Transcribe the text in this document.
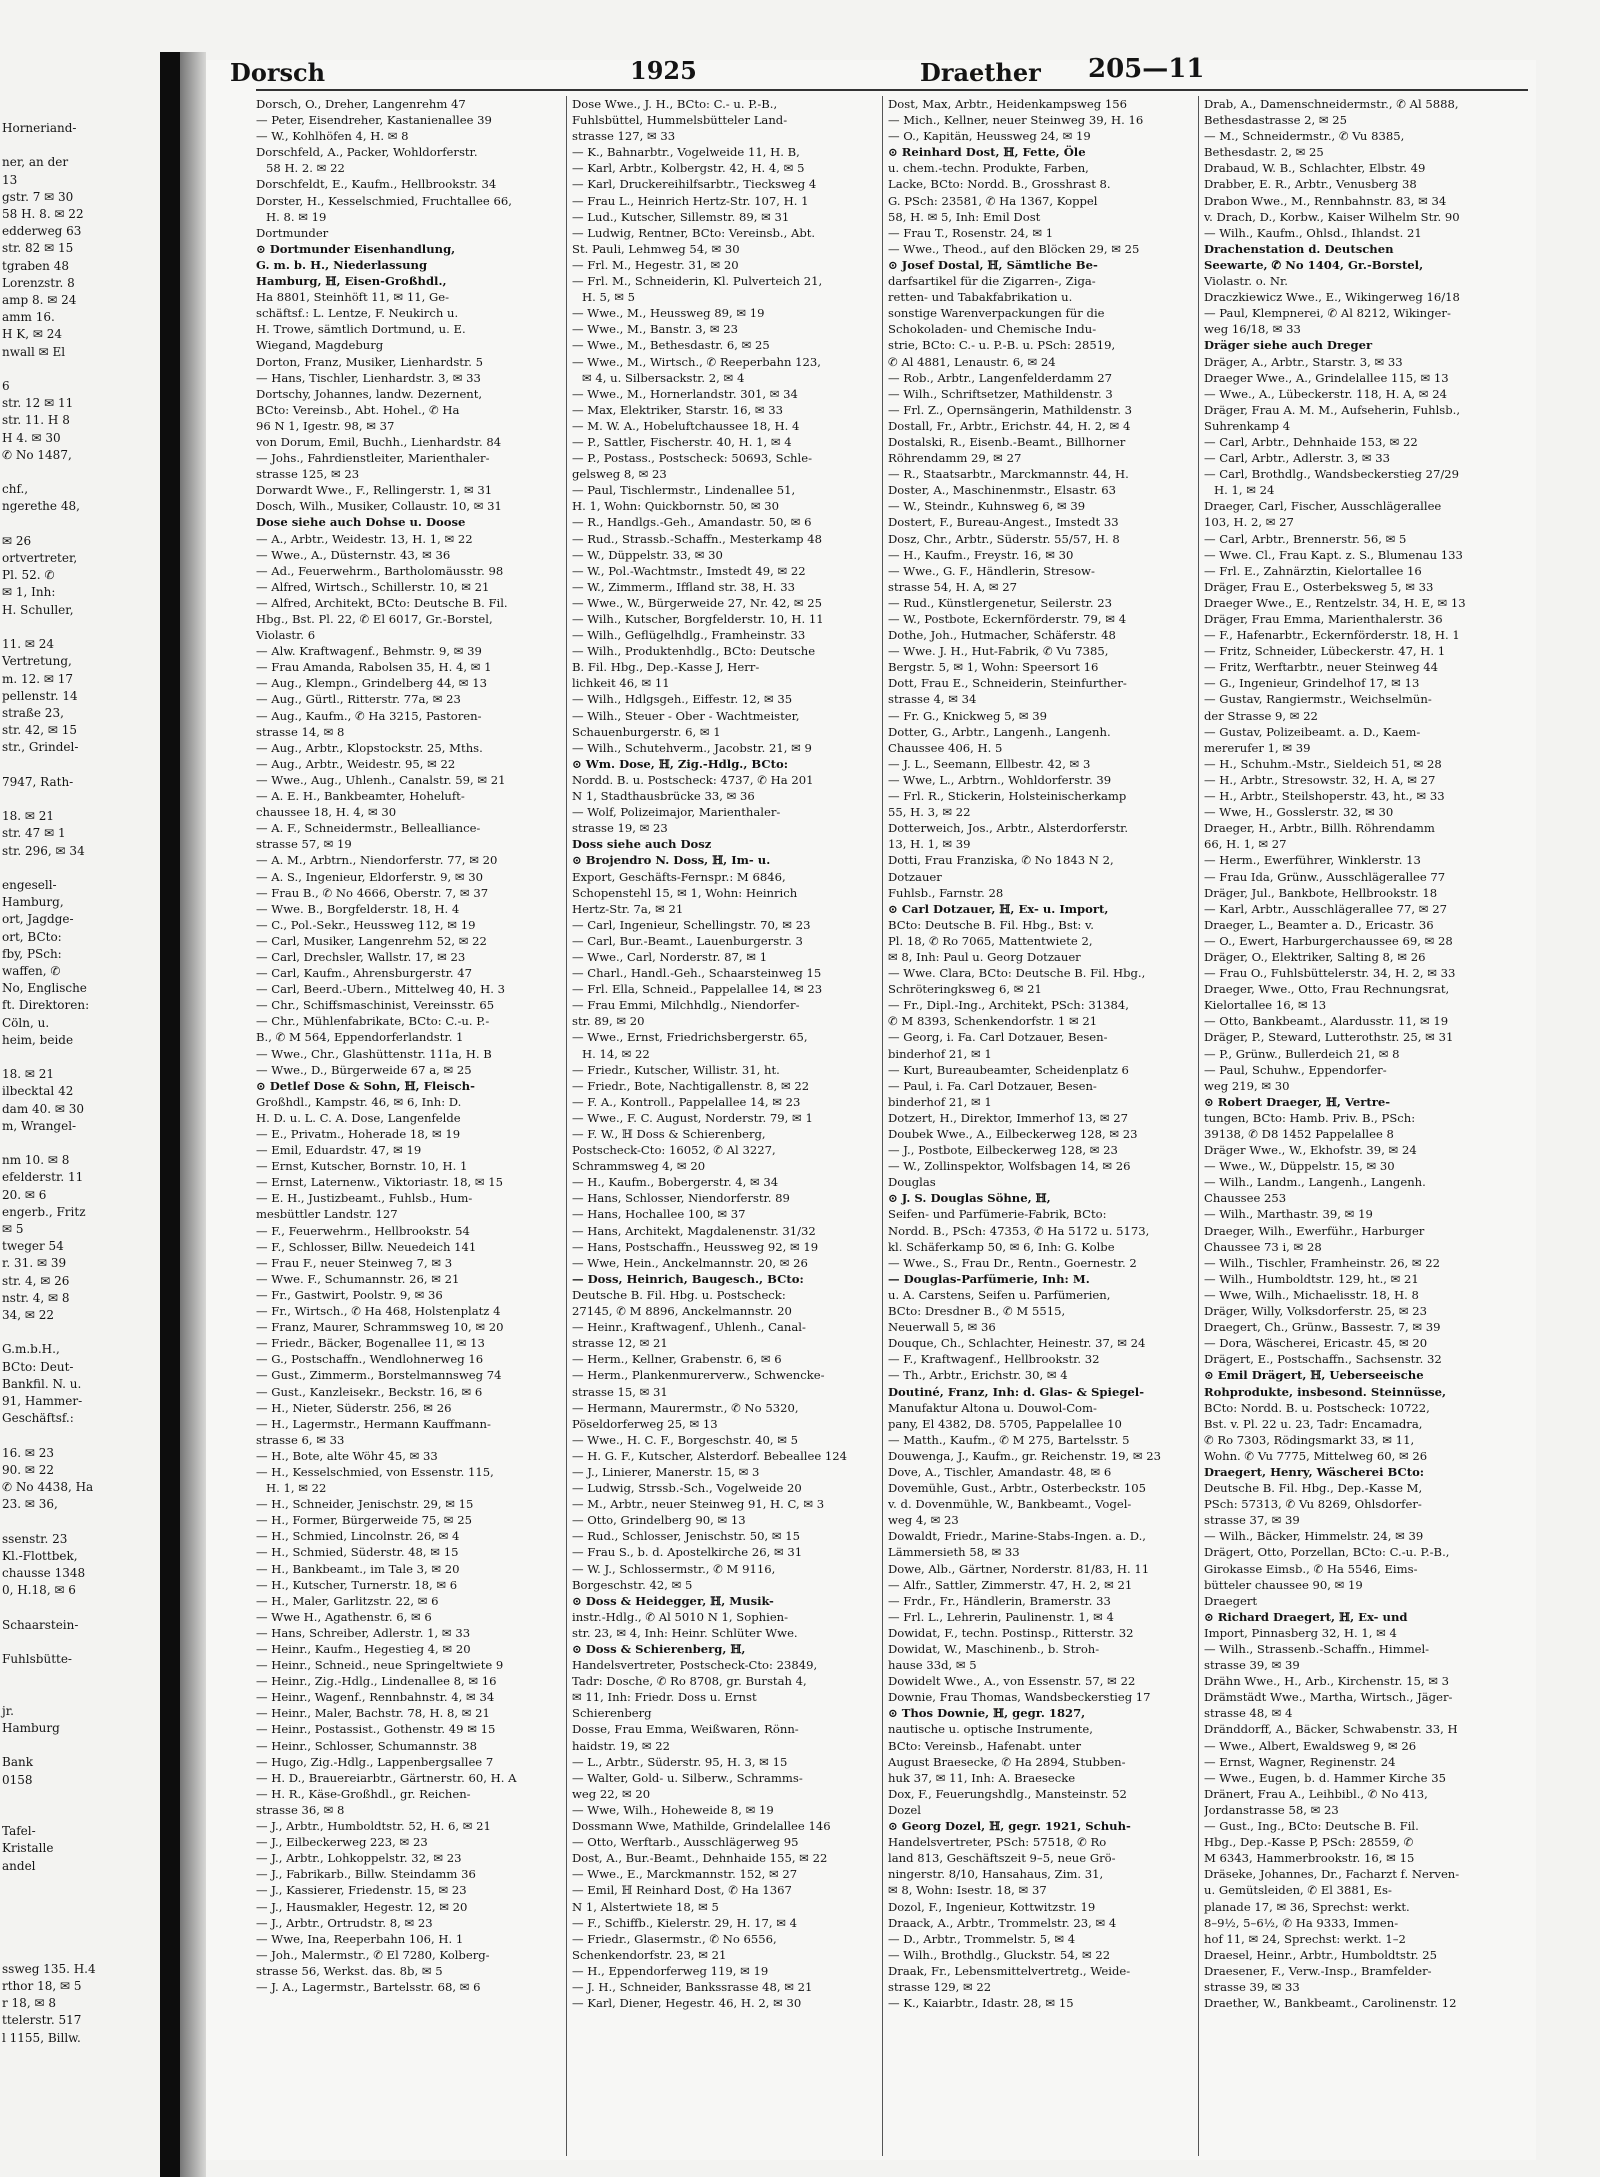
Horneriand-

ner, an der
13
gstr. 7 ✉ 30
58 H. 8. ✉ 22
edderweg 63
str. 82 ✉ 15
tgraben 48
Lorenzstr. 8
amp 8. ✉ 24
amm 16.
H K, ✉ 24
nwall ✉ El

6
str. 12 ✉ 11
str. 11. H 8
H 4. ✉ 30
✆ No 1487,

chf.,
ngerethe 48,

✉ 26
ortvertreter,
Pl. 52. ✆
✉ 1, Inh:
H. Schuller,

11. ✉ 24
Vertretung,
m. 12. ✉ 17
pellenstr. 14
straße 23,
str. 42, ✉ 15
str., Grindel-

7947, Rath-

18. ✉ 21
str. 47 ✉ 1
str. 296, ✉ 34

engesell-
Hamburg,
ort, Jagdge-
ort, BCto:
fby, PSch:
waffen, ✆
No, Englische
ft. Direktoren:
Cöln, u.
heim, beide

18. ✉ 21
ilbecktal 42
dam 40. ✉ 30
m, Wrangel-

nm 10. ✉ 8
efelderstr. 11
20. ✉ 6
engerb., Fritz
✉ 5
tweger 54
r. 31. ✉ 39
str. 4, ✉ 26
nstr. 4, ✉ 8
34, ✉ 22

G.m.b.H.,
BCto: Deut-
Bankfil. N. u.
91, Hammer-
Geschäftsf.:

16. ✉ 23
90. ✉ 22
✆ No 4438, Ha
23. ✉ 36,

ssenstr. 23
Kl.-Flottbek,
chausse 1348
0, H.18, ✉ 6

Schaarstein-

Fuhlsbütte-

jr.
Hamburg

Bank
0158

Tafel-
Kristalle
andel

ssweg 135. H.4
rthor 18, ✉ 5
r 18, ✉ 8
ttelerstr. 517
l 1155, Billw.
Dorsch	1925	Draether 205—11
Dorsch, O., Dreher, Langenrehm 47
— Peter, Eisendreher, Kastanienallee 39
— W., Kohlhöfen 4, H. ✉ 8
Dorschfeld, A., Packer, Wohldorferstr.
58 H. 2. ✉ 22
Dorschfeldt, E., Kaufm., Hellbrookstr. 34
Dorster, H., Kesselschmied, Fruchtallee 66,
H. 8. ✉ 19
Dortmunder
⊙ Dortmunder Eisenhandlung,
G. m. b. H., Niederlassung
Hamburg, ℍ, Eisen-Großhdl.,
Ha 8801, Steinhöft 11, ✉ 11, Ge-
schäftsf.: L. Lentze, F. Neukirch u.
H. Trowe, sämtlich Dortmund, u. E.
Wiegand, Magdeburg
Dorton, Franz, Musiker, Lienhardstr. 5
— Hans, Tischler, Lienhardstr. 3, ✉ 33
Dortschy, Johannes, landw. Dezernent,
BCto: Vereinsb., Abt. Hohel., ✆ Ha
96 N 1, Igestr. 98, ✉ 37
von Dorum, Emil, Buchh., Lienhardstr. 84
— Johs., Fahrdienstleiter, Marienthaler-
strasse 125, ✉ 23
Dorwardt Wwe., F., Rellingerstr. 1, ✉ 31
Dosch, Wilh., Musiker, Collaustr. 10, ✉ 31
Dose siehe auch Dohse u. Doose
— A., Arbtr., Weidestr. 13, H. 1, ✉ 22
— Wwe., A., Düsternstr. 43, ✉ 36
— Ad., Feuerwehrm., Bartholomäusstr. 98
— Alfred, Wirtsch., Schillerstr. 10, ✉ 21
— Alfred, Architekt, BCto: Deutsche B. Fil.
Hbg., Bst. Pl. 22, ✆ El 6017, Gr.-Borstel,
Violastr. 6
— Alw. Kraftwagenf., Behmstr. 9, ✉ 39
— Frau Amanda, Rabolsen 35, H. 4, ✉ 1
— Aug., Klempn., Grindelberg 44, ✉ 13
— Aug., Gürtl., Ritterstr. 77a, ✉ 23
— Aug., Kaufm., ✆ Ha 3215, Pastoren-
strasse 14, ✉ 8
— Aug., Arbtr., Klopstockstr. 25, Mths.
— Aug., Arbtr., Weidestr. 95, ✉ 22
— Wwe., Aug., Uhlenh., Canalstr. 59, ✉ 21
— A. E. H., Bankbeamter, Hoheluft-
chaussee 18, H. 4, ✉ 30
— A. F., Schneidermstr., Bellealliance-
strasse 57, ✉ 19
— A. M., Arbtrn., Niendorferstr. 77, ✉ 20
— A. S., Ingenieur, Eldorferstr. 9, ✉ 30
— Frau B., ✆ No 4666, Oberstr. 7, ✉ 37
— Wwe. B., Borgfelderstr. 18, H. 4
— C., Pol.-Sekr., Heussweg 112, ✉ 19
— Carl, Musiker, Langenrehm 52, ✉ 22
— Carl, Drechsler, Wallstr. 17, ✉ 23
— Carl, Kaufm., Ahrensburgerstr. 47
— Carl, Beerd.-Ubern., Mittelweg 40, H. 3
— Chr., Schiffsmaschinist, Vereinsstr. 65
— Chr., Mühlenfabrikate, BCto: C.-u. P.-
B., ✆ M 564, Eppendorferlandstr. 1
— Wwe., Chr., Glashüttenstr. 111a, H. B
— Wwe., D., Bürgerweide 67 a, ✉ 25
⊙ Detlef Dose & Sohn, ℍ, Fleisch-
Großhdl., Kampstr. 46, ✉ 6, Inh: D.
H. D. u. L. C. A. Dose, Langenfelde
— E., Privatm., Hoherade 18, ✉ 19
— Emil, Eduardstr. 47, ✉ 19
— Ernst, Kutscher, Bornstr. 10, H. 1
— Ernst, Laternenw., Viktoriastr. 18, ✉ 15
— E. H., Justizbeamt., Fuhlsb., Hum-
mesbüttler Landstr. 127
— F., Feuerwehrm., Hellbrookstr. 54
— F., Schlosser, Billw. Neuedeich 141
— Frau F., neuer Steinweg 7, ✉ 3
— Wwe. F., Schumannstr. 26, ✉ 21
— Fr., Gastwirt, Poolstr. 9, ✉ 36
— Fr., Wirtsch., ✆ Ha 468, Holstenplatz 4
— Franz, Maurer, Schrammsweg 10, ✉ 20
— Friedr., Bäcker, Bogenallee 11, ✉ 13
— G., Postschaffn., Wendlohnerweg 16
— Gust., Zimmerm., Borstelmannsweg 74
— Gust., Kanzleisekr., Beckstr. 16, ✉ 6
— H., Nieter, Süderstr. 256, ✉ 26
— H., Lagermstr., Hermann Kauffmann-
strasse 6, ✉ 33
— H., Bote, alte Wöhr 45, ✉ 33
— H., Kesselschmied, von Essenstr. 115,
H. 1, ✉ 22
— H., Schneider, Jenischstr. 29, ✉ 15
— H., Former, Bürgerweide 75, ✉ 25
— H., Schmied, Lincolnstr. 26, ✉ 4
— H., Schmied, Süderstr. 48, ✉ 15
— H., Bankbeamt., im Tale 3, ✉ 20
— H., Kutscher, Turnerstr. 18, ✉ 6
— H., Maler, Garlitzstr. 22, ✉ 6
— Wwe H., Agathenstr. 6, ✉ 6
— Hans, Schreiber, Adlerstr. 1, ✉ 33
— Heinr., Kaufm., Hegestieg 4, ✉ 20
— Heinr., Schneid., neue Springeltwiete 9
— Heinr., Zig.-Hdlg., Lindenallee 8, ✉ 16
— Heinr., Wagenf., Rennbahnstr. 4, ✉ 34
— Heinr., Maler, Bachstr. 78, H. 8, ✉ 21
— Heinr., Postassist., Gothenstr. 49 ✉ 15
— Heinr., Schlosser, Schumannstr. 38
— Hugo, Zig.-Hdlg., Lappenbergsallee 7
— H. D., Brauereiarbtr., Gärtnerstr. 60, H. A
— H. R., Käse-Großhdl., gr. Reichen-
strasse 36, ✉ 8
— J., Arbtr., Humboldtstr. 52, H. 6, ✉ 21
— J., Eilbeckerweg 223, ✉ 23
— J., Arbtr., Lohkoppelstr. 32, ✉ 23
— J., Fabrikarb., Billw. Steindamm 36
— J., Kassierer, Friedenstr. 15, ✉ 23
— J., Hausmakler, Hegestr. 12, ✉ 20
— J., Arbtr., Ortrudstr. 8, ✉ 23
— Wwe, Ina, Reeperbahn 106, H. 1
— Joh., Malermstr., ✆ El 7280, Kolberg-
strasse 56, Werkst. das. 8b, ✉ 5
— J. A., Lagermstr., Bartelsstr. 68, ✉ 6
Dose Wwe., J. H., BCto: C.- u. P.-B.,
Fuhlsbüttel, Hummelsbütteler Land-
strasse 127, ✉ 33
— K., Bahnarbtr., Vogelweide 11, H. B,
— Karl, Arbtr., Kolbergstr. 42, H. 4, ✉ 5
— Karl, Druckereihilfsarbtr., Tiecksweg 4
— Frau L., Heinrich Hertz-Str. 107, H. 1
— Lud., Kutscher, Sillemstr. 89, ✉ 31
— Ludwig, Rentner, BCto: Vereinsb., Abt.
St. Pauli, Lehmweg 54, ✉ 30
— Frl. M., Hegestr. 31, ✉ 20
— Frl. M., Schneiderin, Kl. Pulverteich 21,
H. 5, ✉ 5
— Wwe., M., Heussweg 89, ✉ 19
— Wwe., M., Banstr. 3, ✉ 23
— Wwe., M., Bethesdastr. 6, ✉ 25
— Wwe., M., Wirtsch., ✆ Reeperbahn 123,
✉ 4, u. Silbersackstr. 2, ✉ 4
— Wwe., M., Hornerlandstr. 301, ✉ 34
— Max, Elektriker, Starstr. 16, ✉ 33
— M. W. A., Hobeluftchaussee 18, H. 4
— P., Sattler, Fischerstr. 40, H. 1, ✉ 4
— P., Postass., Postscheck: 50693, Schle-
gelsweg 8, ✉ 23
— Paul, Tischlermstr., Lindenallee 51,
H. 1, Wohn: Quickbornstr. 50, ✉ 30
— R., Handlgs.-Geh., Amandastr. 50, ✉ 6
— Rud., Strassb.-Schaffn., Mesterkamp 48
— W., Düppelstr. 33, ✉ 30
— W., Pol.-Wachtmstr., Imstedt 49, ✉ 22
— W., Zimmerm., Iffland str. 38, H. 33
— Wwe., W., Bürgerweide 27, Nr. 42, ✉ 25
— Wilh., Kutscher, Borgfelderstr. 10, H. 11
— Wilh., Geflügelhdlg., Framheinstr. 33
— Wilh., Produktenhdlg., BCto: Deutsche
B. Fil. Hbg., Dep.-Kasse J, Herr-
lichkeit 46, ✉ 11
— Wilh., Hdlgsgeh., Eiffestr. 12, ✉ 35
— Wilh., Steuer - Ober - Wachtmeister,
Schauenburgerstr. 6, ✉ 1
— Wilh., Schutehverm., Jacobstr. 21, ✉ 9
⊙ Wm. Dose, ℍ, Zig.-Hdlg., BCto:
Nordd. B. u. Postscheck: 4737, ✆ Ha 201
N 1, Stadthausbrücke 33, ✉ 36
— Wolf, Polizeimajor, Marienthaler-
strasse 19, ✉ 23
Doss siehe auch Dosz
⊙ Brojendro N. Doss, ℍ, Im- u.
Export, Geschäfts-Fernspr.: M 6846,
Schopenstehl 15, ✉ 1, Wohn: Heinrich
Hertz-Str. 7a, ✉ 21
— Carl, Ingenieur, Schellingstr. 70, ✉ 23
— Carl, Bur.-Beamt., Lauenburgerstr. 3
— Wwe., Carl, Norderstr. 87, ✉ 1
— Charl., Handl.-Geh., Schaarsteinweg 15
— Frl. Ella, Schneid., Pappelallee 14, ✉ 23
— Frau Emmi, Milchhdlg., Niendorfer-
str. 89, ✉ 20
— Wwe., Ernst, Friedrichsbergerstr. 65,
H. 14, ✉ 22
— Friedr., Kutscher, Willistr. 31, ht.
— Friedr., Bote, Nachtigallenstr. 8, ✉ 22
— F. A., Kontroll., Pappelallee 14, ✉ 23
— Wwe., F. C. August, Norderstr. 79, ✉ 1
— F. W., ℍ Doss & Schierenberg,
Postscheck-Cto: 16052, ✆ Al 3227,
Schrammsweg 4, ✉ 20
— H., Kaufm., Bobergerstr. 4, ✉ 34
— Hans, Schlosser, Niendorferstr. 89
— Hans, Hochallee 100, ✉ 37
— Hans, Architekt, Magdalenenstr. 31/32
— Hans, Postschaffn., Heussweg 92, ✉ 19
— Wwe, Hein., Anckelmannstr. 20, ✉ 26
— Doss, Heinrich, Baugesch., BCto:
Deutsche B. Fil. Hbg. u. Postscheck:
27145, ✆ M 8896, Anckelmannstr. 20
— Heinr., Kraftwagenf., Uhlenh., Canal-
strasse 12, ✉ 21
— Herm., Kellner, Grabenstr. 6, ✉ 6
— Herm., Plankenmurerverw., Schwencke-
strasse 15, ✉ 31
— Hermann, Maurermstr., ✆ No 5320,
Pöseldorferweg 25, ✉ 13
— Wwe., H. C. F., Borgeschstr. 40, ✉ 5
— H. G. F., Kutscher, Alsterdorf. Bebeallee 124
— J., Linierer, Manerstr. 15, ✉ 3
— Ludwig, Strssb.-Sch., Vogelweide 20
— M., Arbtr., neuer Steinweg 91, H. C, ✉ 3
— Otto, Grindelberg 90, ✉ 13
— Rud., Schlosser, Jenischstr. 50, ✉ 15
— Frau S., b. d. Apostelkirche 26, ✉ 31
— W. J., Schlossermstr., ✆ M 9116,
Borgeschstr. 42, ✉ 5
⊙ Doss & Heidegger, ℍ, Musik-
instr.-Hdlg., ✆ Al 5010 N 1, Sophien-
str. 23, ✉ 4, Inh: Heinr. Schlüter Wwe.
⊙ Doss & Schierenberg, ℍ,
Handelsvertreter, Postscheck-Cto: 23849,
Tadr: Dosche, ✆ Ro 8708, gr. Burstah 4,
✉ 11, Inh: Friedr. Doss u. Ernst
Schierenberg
Dosse, Frau Emma, Weißwaren, Rönn-
haidstr. 19, ✉ 22
— L., Arbtr., Süderstr. 95, H. 3, ✉ 15
— Walter, Gold- u. Silberw., Schramms-
weg 22, ✉ 20
— Wwe, Wilh., Hoheweide 8, ✉ 19
Dossmann Wwe, Mathilde, Grindelallee 146
— Otto, Werftarb., Ausschlägerweg 95
Dost, A., Bur.-Beamt., Dehnhaide 155, ✉ 22
— Wwe., E., Marckmannstr. 152, ✉ 27
— Emil, ℍ Reinhard Dost, ✆ Ha 1367
N 1, Alstertwiete 18, ✉ 5
— F., Schiffb., Kielerstr. 29, H. 17, ✉ 4
— Friedr., Glasermstr., ✆ No 6556,
Schenkendorfstr. 23, ✉ 21
— H., Eppendorferweg 119, ✉ 19
— J. H., Schneider, Bankssrasse 48, ✉ 21
— Karl, Diener, Hegestr. 46, H. 2, ✉ 30
Dost, Max, Arbtr., Heidenkampsweg 156
— Mich., Kellner, neuer Steinweg 39, H. 16
— O., Kapitän, Heussweg 24, ✉ 19
⊙ Reinhard Dost, ℍ, Fette, Öle
u. chem.-techn. Produkte, Farben,
Lacke, BCto: Nordd. B., Grosshrast 8.
G. PSch: 23581, ✆ Ha 1367, Koppel
58, H. ✉ 5, Inh: Emil Dost
— Frau T., Rosenstr. 24, ✉ 1
— Wwe., Theod., auf den Blöcken 29, ✉ 25
⊙ Josef Dostal, ℍ, Sämtliche Be-
darfsartikel für die Zigarren-, Ziga-
retten- und Tabakfabrikation u.
sonstige Warenverpackungen für die
Schokoladen- und Chemische Indu-
strie, BCto: C.- u. P.-B. u. PSch: 28519,
✆ Al 4881, Lenaustr. 6, ✉ 24
— Rob., Arbtr., Langenfelderdamm 27
— Wilh., Schriftsetzer, Mathildenstr. 3
— Frl. Z., Opernsängerin, Mathildenstr. 3
Dostall, Fr., Arbtr., Erichstr. 44, H. 2, ✉ 4
Dostalski, R., Eisenb.-Beamt., Billhorner
Röhrendamm 29, ✉ 27
— R., Staatsarbtr., Marckmannstr. 44, H.
Doster, A., Maschinenmstr., Elsastr. 63
— W., Steindr., Kuhnsweg 6, ✉ 39
Dostert, F., Bureau-Angest., Imstedt 33
Dosz, Chr., Arbtr., Süderstr. 55/57, H. 8
— H., Kaufm., Freystr. 16, ✉ 30
— Wwe., G. F., Händlerin, Stresow-
strasse 54, H. A, ✉ 27
— Rud., Künstlergenetur, Seilerstr. 23
— W., Postbote, Eckernförderstr. 79, ✉ 4
Dothe, Joh., Hutmacher, Schäferstr. 48
— Wwe. J. H., Hut-Fabrik, ✆ Vu 7385,
Bergstr. 5, ✉ 1, Wohn: Speersort 16
Dott, Frau E., Schneiderin, Steinfurther-
strasse 4, ✉ 34
— Fr. G., Knickweg 5, ✉ 39
Dotter, G., Arbtr., Langenh., Langenh.
Chaussee 406, H. 5
— J. L., Seemann, Ellbestr. 42, ✉ 3
— Wwe, L., Arbtrn., Wohldorferstr. 39
— Frl. R., Stickerin, Holsteinischerkamp
55, H. 3, ✉ 22
Dotterweich, Jos., Arbtr., Alsterdorferstr.
13, H. 1, ✉ 39
Dotti, Frau Franziska, ✆ No 1843 N 2,
Dotzauer
Fuhlsb., Farnstr. 28
⊙ Carl Dotzauer, ℍ, Ex- u. Import,
BCto: Deutsche B. Fil. Hbg., Bst: v.
Pl. 18, ✆ Ro 7065, Mattentwiete 2,
✉ 8, Inh: Paul u. Georg Dotzauer
— Wwe. Clara, BCto: Deutsche B. Fil. Hbg.,
Schröteringksweg 6, ✉ 21
— Fr., Dipl.-Ing., Architekt, PSch: 31384,
✆ M 8393, Schenkendorfstr. 1 ✉ 21
— Georg, i. Fa. Carl Dotzauer, Besen-
binderhof 21, ✉ 1
— Kurt, Bureaubeamter, Scheidenplatz 6
— Paul, i. Fa. Carl Dotzauer, Besen-
binderhof 21, ✉ 1
Dotzert, H., Direktor, Immerhof 13, ✉ 27
Doubek Wwe., A., Eilbeckerweg 128, ✉ 23
— J., Postbote, Eilbeckerweg 128, ✉ 23
— W., Zollinspektor, Wolfsbagen 14, ✉ 26
Douglas
⊙ J. S. Douglas Söhne, ℍ,
Seifen- und Parfümerie-Fabrik, BCto:
Nordd. B., PSch: 47353, ✆ Ha 5172 u. 5173,
kl. Schäferkamp 50, ✉ 6, Inh: G. Kolbe
— Wwe., S., Frau Dr., Rentn., Goernestr. 2
— Douglas-Parfümerie, Inh: M.
u. A. Carstens, Seifen u. Parfümerien,
BCto: Dresdner B., ✆ M 5515,
Neuerwall 5, ✉ 36
Douque, Ch., Schlachter, Heinestr. 37, ✉ 24
— F., Kraftwagenf., Hellbrookstr. 32
— Th., Arbtr., Erichstr. 30, ✉ 4
Doutiné, Franz, Inh: d. Glas- & Spiegel-
Manufaktur Altona u. Douwol-Com-
pany, El 4382, D8. 5705, Pappelallee 10
— Matth., Kaufm., ✆ M 275, Bartelsstr. 5
Douwenga, J., Kaufm., gr. Reichenstr. 19, ✉ 23
Dove, A., Tischler, Amandastr. 48, ✉ 6
Dovemühle, Gust., Arbtr., Osterbeckstr. 105
v. d. Dovenmühle, W., Bankbeamt., Vogel-
weg 4, ✉ 23
Dowaldt, Friedr., Marine-Stabs-Ingen. a. D.,
Lämmersieth 58, ✉ 33
Dowe, Alb., Gärtner, Norderstr. 81/83, H. 11
— Alfr., Sattler, Zimmerstr. 47, H. 2, ✉ 21
— Frdr., Fr., Händlerin, Bramerstr. 33
— Frl. L., Lehrerin, Paulinenstr. 1, ✉ 4
Dowidat, F., techn. Postinsp., Ritterstr. 32
Dowidat, W., Maschinenb., b. Stroh-
hause 33d, ✉ 5
Dowidelt Wwe., A., von Essenstr. 57, ✉ 22
Downie, Frau Thomas, Wandsbeckerstieg 17
⊙ Thos Downie, ℍ, gegr. 1827,
nautische u. optische Instrumente,
BCto: Vereinsb., Hafenabt. unter
August Braesecke, ✆ Ha 2894, Stubben-
huk 37, ✉ 11, Inh: A. Braesecke
Dox, F., Feuerungshdlg., Mansteinstr. 52
Dozel
⊙ Georg Dozel, ℍ, gegr. 1921, Schuh-
Handelsvertreter, PSch: 57518, ✆ Ro
land 813, Geschäftszeit 9–5, neue Grö-
ningerstr. 8/10, Hansahaus, Zim. 31,
✉ 8, Wohn: Isestr. 18, ✉ 37
Dozol, F., Ingenieur, Kottwitzstr. 19
Draack, A., Arbtr., Trommelstr. 23, ✉ 4
— D., Arbtr., Trommelstr. 5, ✉ 4
— Wilh., Brothdlg., Gluckstr. 54, ✉ 22
Draak, Fr., Lebensmittelvertretg., Weide-
strasse 129, ✉ 22
— K., Kaiarbtr., Idastr. 28, ✉ 15
Drab, A., Damenschneidermstr., ✆ Al 5888,
Bethesdastrasse 2, ✉ 25
— M., Schneidermstr., ✆ Vu 8385,
Bethesdastr. 2, ✉ 25
Drabaud, W. B., Schlachter, Elbstr. 49
Drabber, E. R., Arbtr., Venusberg 38
Drabon Wwe., M., Rennbahnstr. 83, ✉ 34
v. Drach, D., Korbw., Kaiser Wilhelm Str. 90
— Wilh., Kaufm., Ohlsd., Ihlandst. 21
Drachenstation d. Deutschen
Seewarte, ✆ No 1404, Gr.-Borstel,
Violastr. o. Nr.
Draczkiewicz Wwe., E., Wikingerweg 16/18
— Paul, Klempnerei, ✆ Al 8212, Wikinger-
weg 16/18, ✉ 33
Dräger siehe auch Dreger
Dräger, A., Arbtr., Starstr. 3, ✉ 33
Draeger Wwe., A., Grindelallee 115, ✉ 13
— Wwe., A., Lübeckerstr. 118, H. A, ✉ 24
Dräger, Frau A. M. M., Aufseherin, Fuhlsb.,
Suhrenkamp 4
— Carl, Arbtr., Dehnhaide 153, ✉ 22
— Carl, Arbtr., Adlerstr. 3, ✉ 33
— Carl, Brothdlg., Wandsbeckerstieg 27/29
H. 1, ✉ 24
Draeger, Carl, Fischer, Ausschlägerallee
103, H. 2, ✉ 27
— Carl, Arbtr., Brennerstr. 56, ✉ 5
— Wwe. Cl., Frau Kapt. z. S., Blumenau 133
— Frl. E., Zahnärztin, Kielortallee 16
Dräger, Frau E., Osterbeksweg 5, ✉ 33
Draeger Wwe., E., Rentzelstr. 34, H. E, ✉ 13
Dräger, Frau Emma, Marienthalerstr. 36
— F., Hafenarbtr., Eckernförderstr. 18, H. 1
— Fritz, Schneider, Lübeckerstr. 47, H. 1
— Fritz, Werftarbtr., neuer Steinweg 44
— G., Ingenieur, Grindelhof 17, ✉ 13
— Gustav, Rangiermstr., Weichselmün-
der Strasse 9, ✉ 22
— Gustav, Polizeibeamt. a. D., Kaem-
mererufer 1, ✉ 39
— H., Schuhm.-Mstr., Sieldeich 51, ✉ 28
— H., Arbtr., Stresowstr. 32, H. A, ✉ 27
— H., Arbtr., Steilshoperstr. 43, ht., ✉ 33
— Wwe, H., Gosslerstr. 32, ✉ 30
Draeger, H., Arbtr., Billh. Röhrendamm
66, H. 1, ✉ 27
— Herm., Ewerführer, Winklerstr. 13
— Frau Ida, Grünw., Ausschlägerallee 77
Dräger, Jul., Bankbote, Hellbrookstr. 18
— Karl, Arbtr., Ausschlägerallee 77, ✉ 27
Draeger, L., Beamter a. D., Ericastr. 36
— O., Ewert, Harburgerchaussee 69, ✉ 28
Dräger, O., Elektriker, Salting 8, ✉ 26
— Frau O., Fuhlsbüttelerstr. 34, H. 2, ✉ 33
Draeger, Wwe., Otto, Frau Rechnungsrat,
Kielortallee 16, ✉ 13
— Otto, Bankbeamt., Alardusstr. 11, ✉ 19
Dräger, P., Steward, Lutterothstr. 25, ✉ 31
— P., Grünw., Bullerdeich 21, ✉ 8
— Paul, Schuhw., Eppendorfer-
weg 219, ✉ 30
⊙ Robert Draeger, ℍ, Vertre-
tungen, BCto: Hamb. Priv. B., PSch:
39138, ✆ D8 1452 Pappelallee 8
Dräger Wwe., W., Ekhofstr. 39, ✉ 24
— Wwe., W., Düppelstr. 15, ✉ 30
— Wilh., Landm., Langenh., Langenh.
Chaussee 253
— Wilh., Marthastr. 39, ✉ 19
Draeger, Wilh., Ewerführ., Harburger
Chaussee 73 i, ✉ 28
— Wilh., Tischler, Framheinstr. 26, ✉ 22
— Wilh., Humboldtstr. 129, ht., ✉ 21
— Wwe, Wilh., Michaelisstr. 18, H. 8
Dräger, Willy, Volksdorferstr. 25, ✉ 23
Draegert, Ch., Grünw., Bassestr. 7, ✉ 39
— Dora, Wäscherei, Ericastr. 45, ✉ 20
Drägert, E., Postschaffn., Sachsenstr. 32
⊙ Emil Drägert, ℍ, Ueberseeische
Rohprodukte, insbesond. Steinnüsse,
BCto: Nordd. B. u. Postscheck: 10722,
Bst. v. Pl. 22 u. 23, Tadr: Encamadra,
✆ Ro 7303, Rödingsmarkt 33, ✉ 11,
Wohn. ✆ Vu 7775, Mittelweg 60, ✉ 26
Draegert, Henry, Wäscherei BCto:
Deutsche B. Fil. Hbg., Dep.-Kasse M,
PSch: 57313, ✆ Vu 8269, Ohlsdorfer-
strasse 37, ✉ 39
— Wilh., Bäcker, Himmelstr. 24, ✉ 39
Drägert, Otto, Porzellan, BCto: C.-u. P.-B.,
Girokasse Eimsb., ✆ Ha 5546, Eims-
bütteler chaussee 90, ✉ 19
Draegert
⊙ Richard Draegert, ℍ, Ex- und
Import, Pinnasberg 32, H. 1, ✉ 4
— Wilh., Strassenb.-Schaffn., Himmel-
strasse 39, ✉ 39
Drähn Wwe., H., Arb., Kirchenstr. 15, ✉ 3
Drämstädt Wwe., Martha, Wirtsch., Jäger-
strasse 48, ✉ 4
Dränddorff, A., Bäcker, Schwabenstr. 33, H
— Wwe., Albert, Ewaldsweg 9, ✉ 26
— Ernst, Wagner, Reginenstr. 24
— Wwe., Eugen, b. d. Hammer Kirche 35
Dränert, Frau A., Leihbibl., ✆ No 413,
Jordanstrasse 58, ✉ 23
— Gust., Ing., BCto: Deutsche B. Fil.
Hbg., Dep.-Kasse P, PSch: 28559, ✆
M 6343, Hammerbrookstr. 16, ✉ 15
Dräseke, Johannes, Dr., Facharzt f. Nerven-
u. Gemütsleiden, ✆ El 3881, Es-
planade 17, ✉ 36, Sprechst: werkt.
8–9½, 5–6½, ✆ Ha 9333, Immen-
hof 11, ✉ 24, Sprechst: werkt. 1–2
Draesel, Heinr., Arbtr., Humboldtstr. 25
Draesener, F., Verw.-Insp., Bramfelder-
strasse 39, ✉ 33
Draether, W., Bankbeamt., Carolinenstr. 12
